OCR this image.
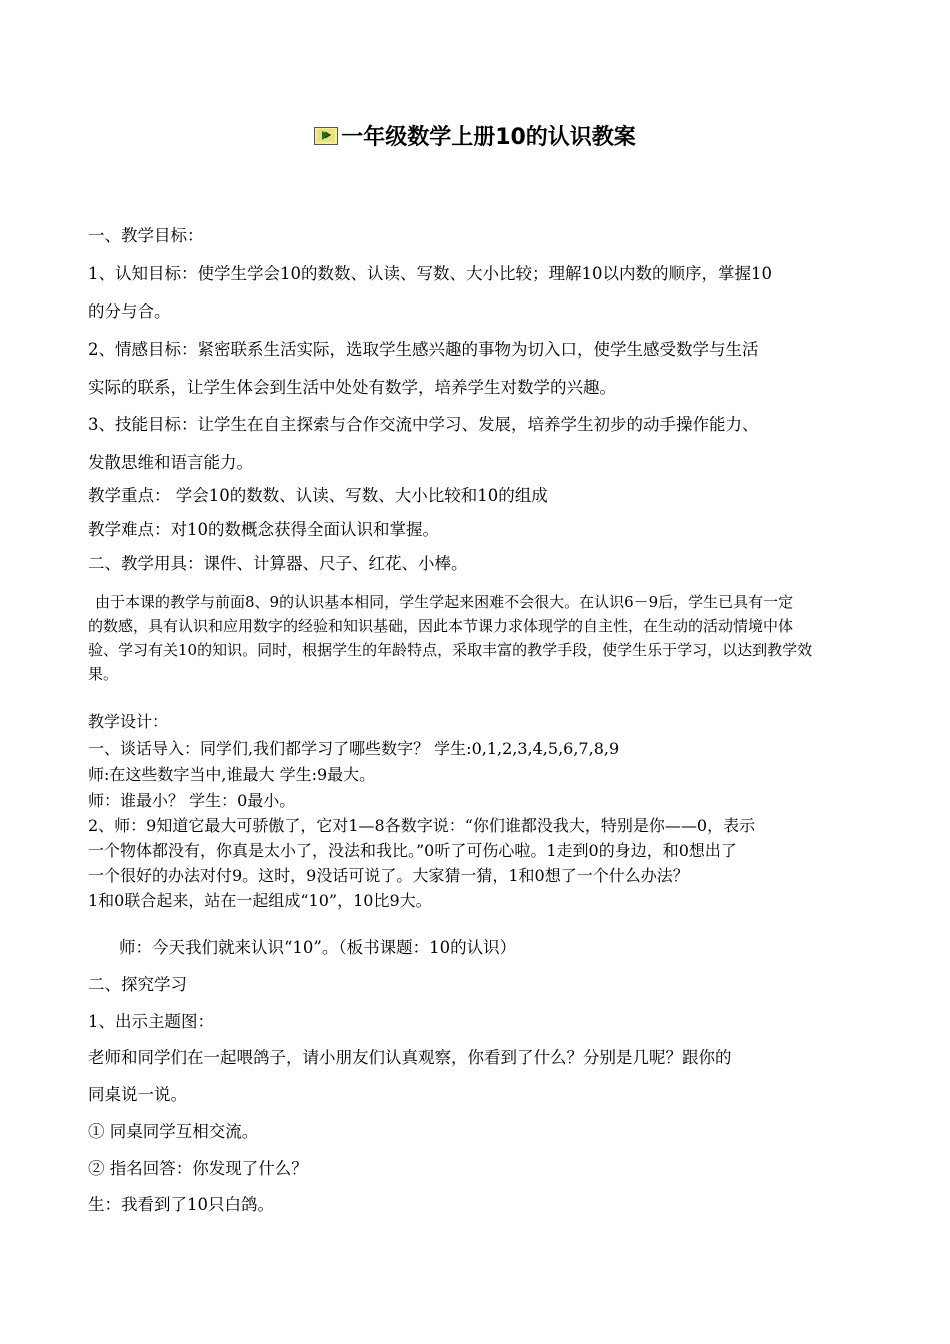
一年级数学上册10的认识教案
一、教学目标：
1、认知目标：使学生学会10的数数、认读、写数、大小比较；理解10以内数的顺序，掌握10
的分与合。
2、情感目标：紧密联系生活实际，选取学生感兴趣的事物为切入口，使学生感受数学与生活
实际的联系，让学生体会到生活中处处有数学，培养学生对数学的兴趣。
3、技能目标：让学生在自主探索与合作交流中学习、发展，培养学生初步的动手操作能力、
发散思维和语言能力。
教学重点： 学会10的数数、认读、写数、大小比较和10的组成
教学难点：对10的数概念获得全面认识和掌握。
二、教学用具：课件、计算器、尺子、红花、小棒。
由于本课的教学与前面8、9的认识基本相同，学生学起来困难不会很大。在认识6－9后，学生已具有一定
的数感，具有认识和应用数字的经验和知识基础，因此本节课力求体现学的自主性，在生动的活动情境中体
验、学习有关10的知识。同时，根据学生的年龄特点，采取丰富的教学手段，使学生乐于学习，以达到教学效
果。
教学设计：
一、谈话导入：同学们,我们都学习了哪些数字？ 学生:0,1,2,3,4,5,6,7,8,9
师:在这些数字当中,谁最大 学生:9最大。
师：谁最小？ 学生：0最小。
2、师：9知道它最大可骄傲了，它对1—8各数字说：“你们谁都没我大，特别是你——0，表示
一个物体都没有，你真是太小了，没法和我比。”0听了可伤心啦。1走到0的身边，和0想出了
一个很好的办法对付9。这时，9没话可说了。大家猜一猜，1和0想了一个什么办法？
1和0联合起来，站在一起组成“10”，10比9大。
师：今天我们就来认识“10”。（板书课题：10的认识）
二、探究学习
1、出示主题图：
老师和同学们在一起喂鸽子，请小朋友们认真观察，你看到了什么？分别是几呢？跟你的
同桌说一说。
① 同桌同学互相交流。
② 指名回答：你发现了什么？
生：我看到了10只白鸽。
